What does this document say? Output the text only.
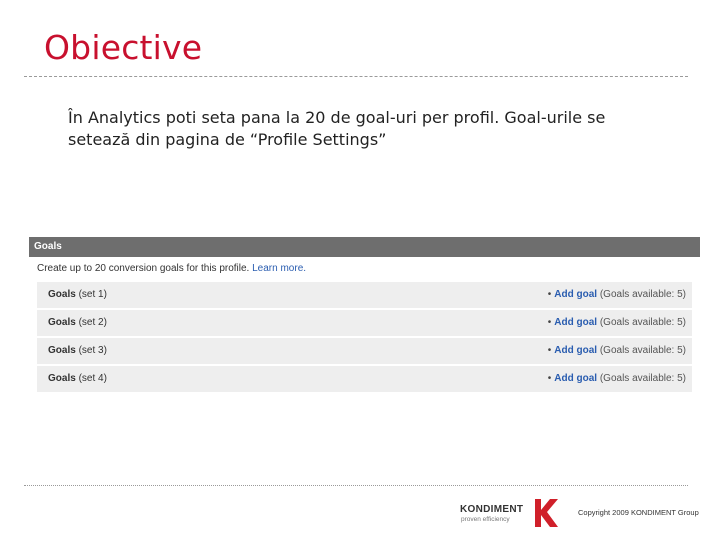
Obiective

În Analytics poti seta pana la 20 de goal-uri per profil. Goal-urile se setează din pagina de “Profile Settings”

Goals
Create up to 20 conversion goals for this profile. Learn more.
Goals (set 1)	• Add goal (Goals available: 5)
Goals (set 2)	• Add goal (Goals available: 5)
Goals (set 3)	• Add goal (Goals available: 5)
Goals (set 4)	• Add goal (Goals available: 5)
KONDIMENT
proven efficiency
Copyright 2009 KONDIMENT Group
